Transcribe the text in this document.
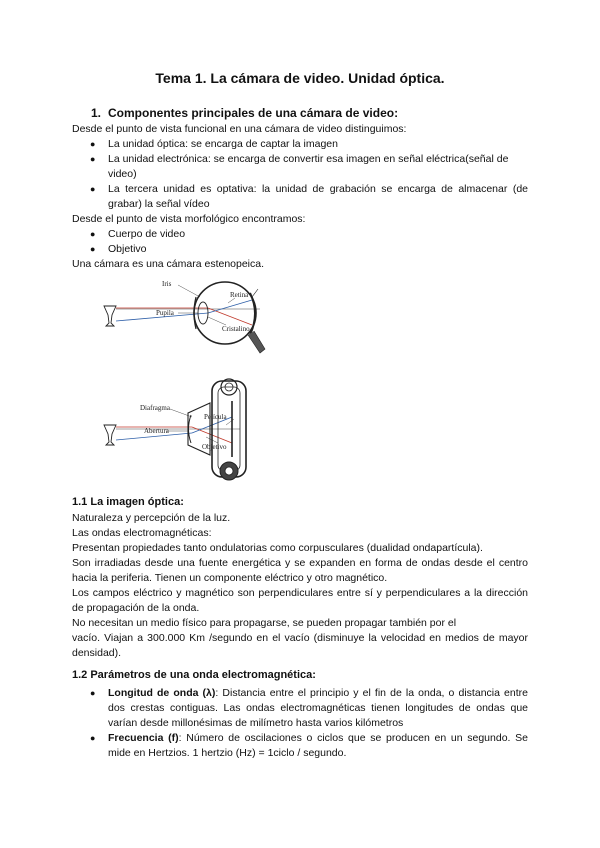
Tema 1. La cámara de video. Unidad óptica.
1. Componentes principales de una cámara de video:

Desde el punto de vista funcional en una cámara de video distinguimos:

● La unidad óptica: se encarga de captar la imagen

● La unidad electrónica: se encarga de convertir esa imagen en señal eléctrica(señal de video)

● La tercera unidad es optativa: la unidad de grabación se encarga de almacenar (de grabar) la señal vídeo

Desde el punto de vista morfológico encontramos:

● Cuerpo de video

● Objetivo

Una cámara es una cámara estenopeica.

Iris
Retina
Pupila
Cristalino
Diafragma
Película
Abertura
Objetivo
1.1 La imagen óptica:

Naturaleza y percepción de la luz.

Las ondas electromagnéticas:

Presentan propiedades tanto ondulatorias como corpusculares (dualidad ondapartícula).

Son irradiadas desde una fuente energética y se expanden en forma de ondas desde el centro hacia la periferia. Tienen un componente eléctrico y otro magnético.

Los campos eléctrico y magnético son perpendiculares entre sí y perpendiculares a la dirección de propagación de la onda.

No necesitan un medio físico para propagarse, se pueden propagar también por el

vacío. Viajan a 300.000 Km /segundo en el vacío (disminuye la velocidad en medios de mayor densidad).

1.2 Parámetros de una onda electromagnética:
● Longitud de onda (λ): Distancia entre el principio y el fin de la onda, o distancia entre dos crestas contiguas. Las ondas electromagnéticas tienen longitudes de ondas que varían desde millonésimas de milímetro hasta varios kilómetros

● Frecuencia (f): Número de oscilaciones o ciclos que se producen en un segundo. Se mide en Hertzios. 1 hertzio (Hz) = 1ciclo / segundo.
